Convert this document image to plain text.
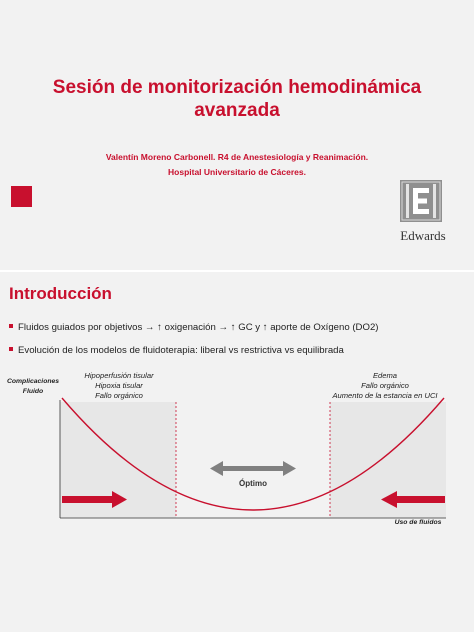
Sesión de monitorización hemodinámica
avanzada
Valentín Moreno Carbonell. R4 de Anestesiología y Reanimación.
Hospital Universitario de Cáceres.
Edwards
Introducción
Fluidos guiados por objetivos → ↑ oxigenación → ↑ GC y ↑ aporte de Oxígeno (DO2)
Evolución de los modelos de fluidoterapia: liberal vs restrictiva vs equilibrada
Complicaciones
Fluido
Hipoperfusión tisular
Hipoxia tisular
Fallo orgánico
Edema
Fallo orgánico
Aumento de la estancia en UCI
Óptimo
Uso de fluidos
